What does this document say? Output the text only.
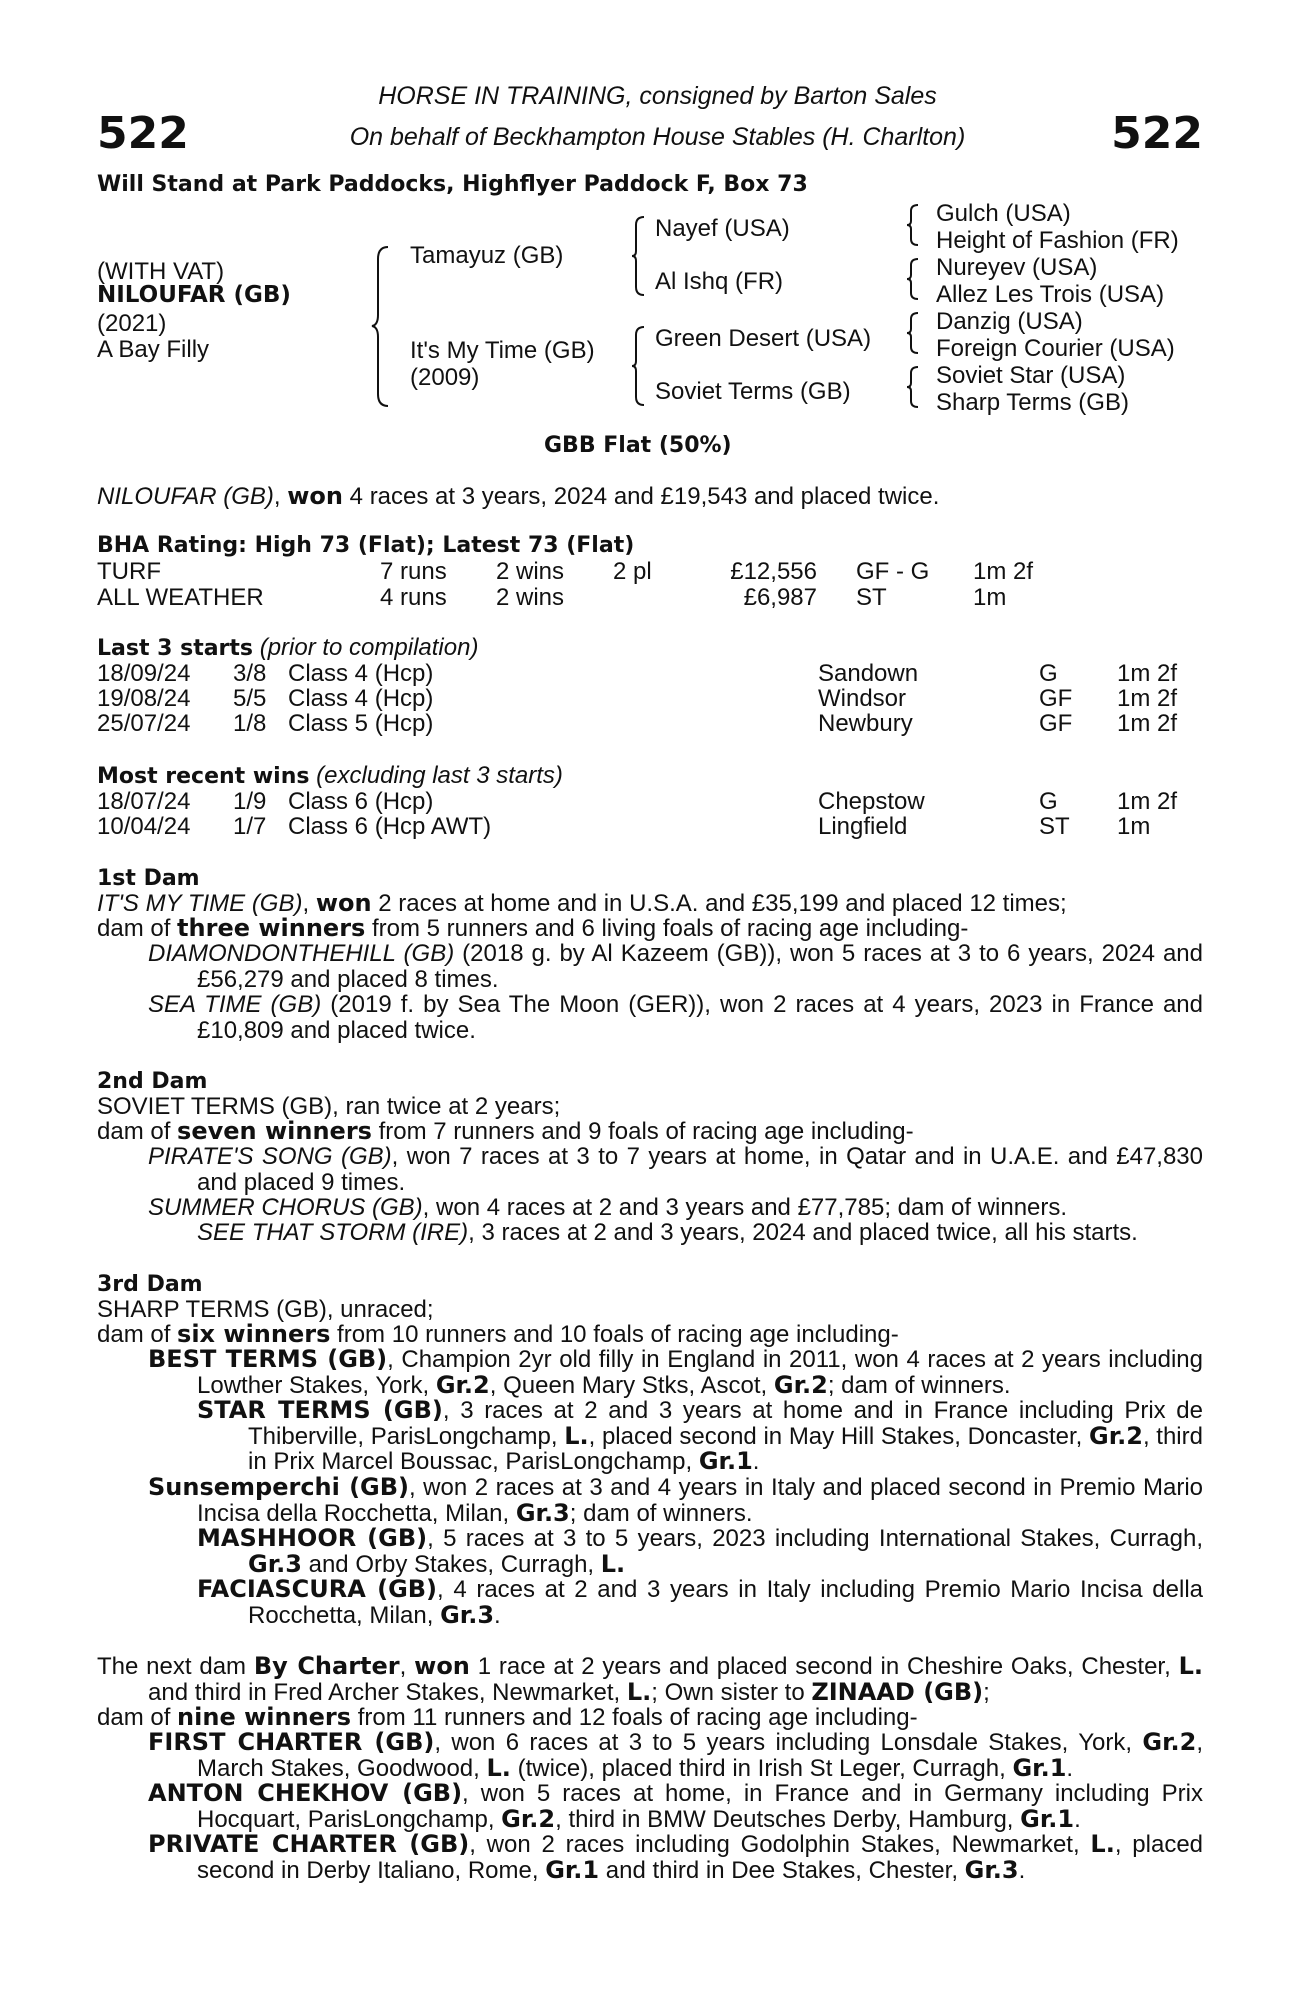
522	522
HORSE IN TRAINING, consigned by Barton Sales
On behalf of Beckhampton House Stables (H. Charlton)
Will Stand at Park Paddocks, Highflyer Paddock F, Box 73
(WITH VAT)
NILOUFAR (GB)
(2021)
A Bay Filly
Tamayuz (GB)
It's My Time (GB)
(2009)
Nayef (USA)
Al Ishq (FR)
Green Desert (USA)
Soviet Terms (GB)
Gulch (USA)
Height of Fashion (FR)
Nureyev (USA)
Allez Les Trois (USA)
Danzig (USA)
Foreign Courier (USA)
Soviet Star (USA)
Sharp Terms (GB)
GBB Flat (50%)
NILOUFAR (GB), won 4 races at 3 years, 2024 and £19,543 and placed twice.
BHA Rating: High 73 (Flat); Latest 73 (Flat)
TURF	7 runs 2 wins 2 pl	£12,556 GF - G 1m 2f
ALL WEATHER	4 runs 2 wins	£6,987 ST	1m
Last 3 starts (prior to compilation)
18/09/24 3/8 Class 4 (Hcp)	Sandown	G 1m 2f
19/08/24 5/5 Class 4 (Hcp)	Windsor	GF 1m 2f
25/07/24 1/8 Class 5 (Hcp)	Newbury	GF 1m 2f
Most recent wins (excluding last 3 starts)
18/07/24 1/9 Class 6 (Hcp)	Chepstow	G 1m 2f
10/04/24 1/7 Class 6 (Hcp AWT)	Lingfield	ST 1m
1st Dam
IT'S MY TIME (GB), won 2 races at home and in U.S.A. and £35,199 and placed 12 times;
dam of three winners from 5 runners and 6 living foals of racing age including-
DIAMONDONTHEHILL (GB) (2018 g. by Al Kazeem (GB)), won 5 races at 3 to 6 years, 2024 and £56,279 and placed 8 times.
SEA TIME (GB) (2019 f. by Sea The Moon (GER)), won 2 races at 4 years, 2023 in France and £10,809 and placed twice.
2nd Dam
SOVIET TERMS (GB), ran twice at 2 years;
dam of seven winners from 7 runners and 9 foals of racing age including-
PIRATE'S SONG (GB), won 7 races at 3 to 7 years at home, in Qatar and in U.A.E. and £47,830 and placed 9 times.
SUMMER CHORUS (GB), won 4 races at 2 and 3 years and £77,785; dam of winners.
SEE THAT STORM (IRE), 3 races at 2 and 3 years, 2024 and placed twice, all his starts.
3rd Dam
SHARP TERMS (GB), unraced;
dam of six winners from 10 runners and 10 foals of racing age including-
BEST TERMS (GB), Champion 2yr old filly in England in 2011, won 4 races at 2 years including Lowther Stakes, York, Gr.2, Queen Mary Stks, Ascot, Gr.2; dam of winners.
STAR TERMS (GB), 3 races at 2 and 3 years at home and in France including Prix de Thiberville, ParisLongchamp, L., placed second in May Hill Stakes, Doncaster, Gr.2, third in Prix Marcel Boussac, ParisLongchamp, Gr.1.
Sunsemperchi (GB), won 2 races at 3 and 4 years in Italy and placed second in Premio Mario Incisa della Rocchetta, Milan, Gr.3; dam of winners.
MASHHOOR (GB), 5 races at 3 to 5 years, 2023 including International Stakes, Curragh, Gr.3 and Orby Stakes, Curragh, L.
FACIASCURA (GB), 4 races at 2 and 3 years in Italy including Premio Mario Incisa della Rocchetta, Milan, Gr.3.
The next dam By Charter, won 1 race at 2 years and placed second in Cheshire Oaks, Chester, L. and third in Fred Archer Stakes, Newmarket, L.; Own sister to ZINAAD (GB);
dam of nine winners from 11 runners and 12 foals of racing age including-
FIRST CHARTER (GB), won 6 races at 3 to 5 years including Lonsdale Stakes, York, Gr.2, March Stakes, Goodwood, L. (twice), placed third in Irish St Leger, Curragh, Gr.1.
ANTON CHEKHOV (GB), won 5 races at home, in France and in Germany including Prix Hocquart, ParisLongchamp, Gr.2, third in BMW Deutsches Derby, Hamburg, Gr.1.
PRIVATE CHARTER (GB), won 2 races including Godolphin Stakes, Newmarket, L., placed second in Derby Italiano, Rome, Gr.1 and third in Dee Stakes, Chester, Gr.3.
